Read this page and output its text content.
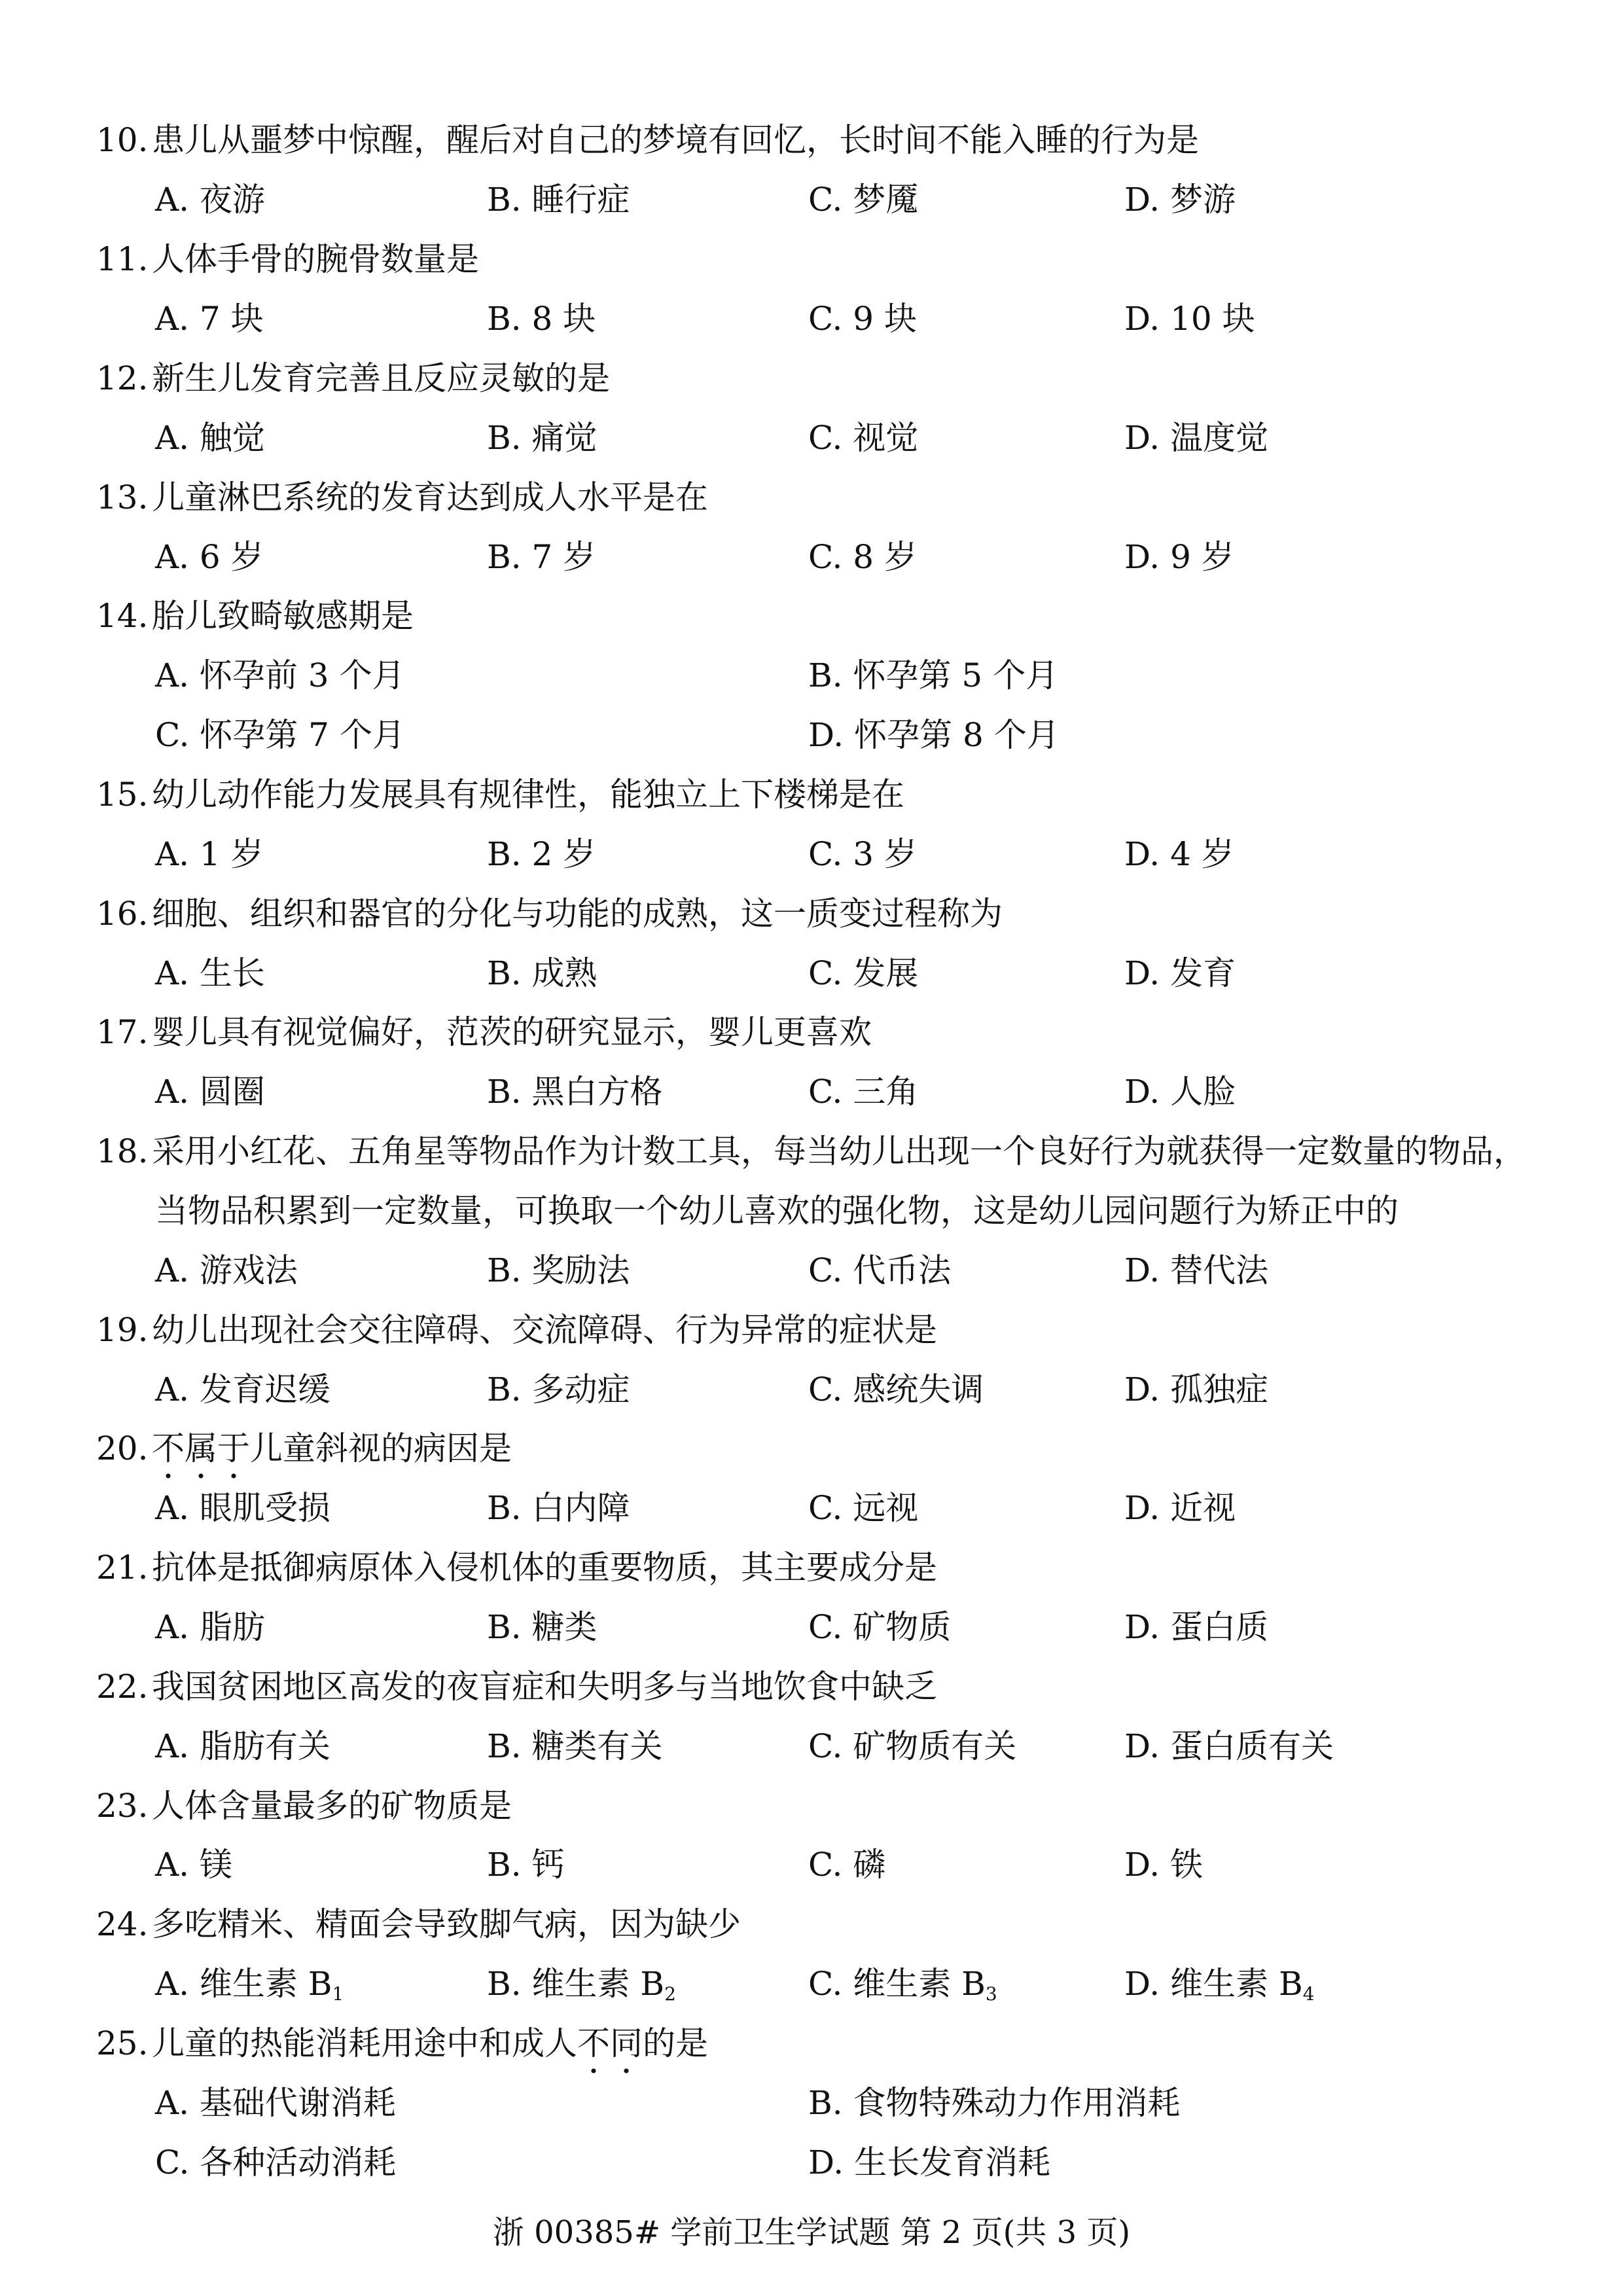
10. 患儿从噩梦中惊醒，醒后对自己的梦境有回忆，长时间不能入睡的行为是
A. 夜游	B. 睡行症	C. 梦魇	D. 梦游
11. 人体手骨的腕骨数量是
A. 7 块	B. 8 块	C. 9 块	D. 10 块
12. 新生儿发育完善且反应灵敏的是
A. 触觉	B. 痛觉	C. 视觉	D. 温度觉
13. 儿童淋巴系统的发育达到成人水平是在
A. 6 岁	B. 7 岁	C. 8 岁	D. 9 岁
14. 胎儿致畸敏感期是
A. 怀孕前 3 个月	B. 怀孕第 5 个月
C. 怀孕第 7 个月	D. 怀孕第 8 个月
15. 幼儿动作能力发展具有规律性，能独立上下楼梯是在
A. 1 岁	B. 2 岁	C. 3 岁	D. 4 岁
16. 细胞、组织和器官的分化与功能的成熟，这一质变过程称为
A. 生长	B. 成熟	C. 发展	D. 发育
17. 婴儿具有视觉偏好，范茨的研究显示，婴儿更喜欢
A. 圆圈	B. 黑白方格	C. 三角	D. 人脸
18. 采用小红花、五角星等物品作为计数工具，每当幼儿出现一个良好行为就获得一定数量的物品，
当物品积累到一定数量，可换取一个幼儿喜欢的强化物，这是幼儿园问题行为矫正中的
A. 游戏法	B. 奖励法	C. 代币法	D. 替代法
19. 幼儿出现社会交往障碍、交流障碍、行为异常的症状是
A. 发育迟缓	B. 多动症	C. 感统失调	D. 孤独症
20. 不属于儿童斜视的病因是
A. 眼肌受损	B. 白内障	C. 远视	D. 近视
21. 抗体是抵御病原体入侵机体的重要物质，其主要成分是
A. 脂肪	B. 糖类	C. 矿物质	D. 蛋白质
22. 我国贫困地区高发的夜盲症和失明多与当地饮食中缺乏
A. 脂肪有关	B. 糖类有关	C. 矿物质有关	D. 蛋白质有关
23. 人体含量最多的矿物质是
A. 镁	B. 钙	C. 磷	D. 铁
24. 多吃精米、精面会导致脚气病，因为缺少
A. 维生素 $B_1$	B. 维生素 $B_2$	C. 维生素 $B_3$	D. 维生素 $B_4$
25. 儿童的热能消耗用途中和成人不同的是
A. 基础代谢消耗	B. 食物特殊动力作用消耗
C. 各种活动消耗	D. 生长发育消耗
浙 00385# 学前卫生学试题 第 2 页(共 3 页)
